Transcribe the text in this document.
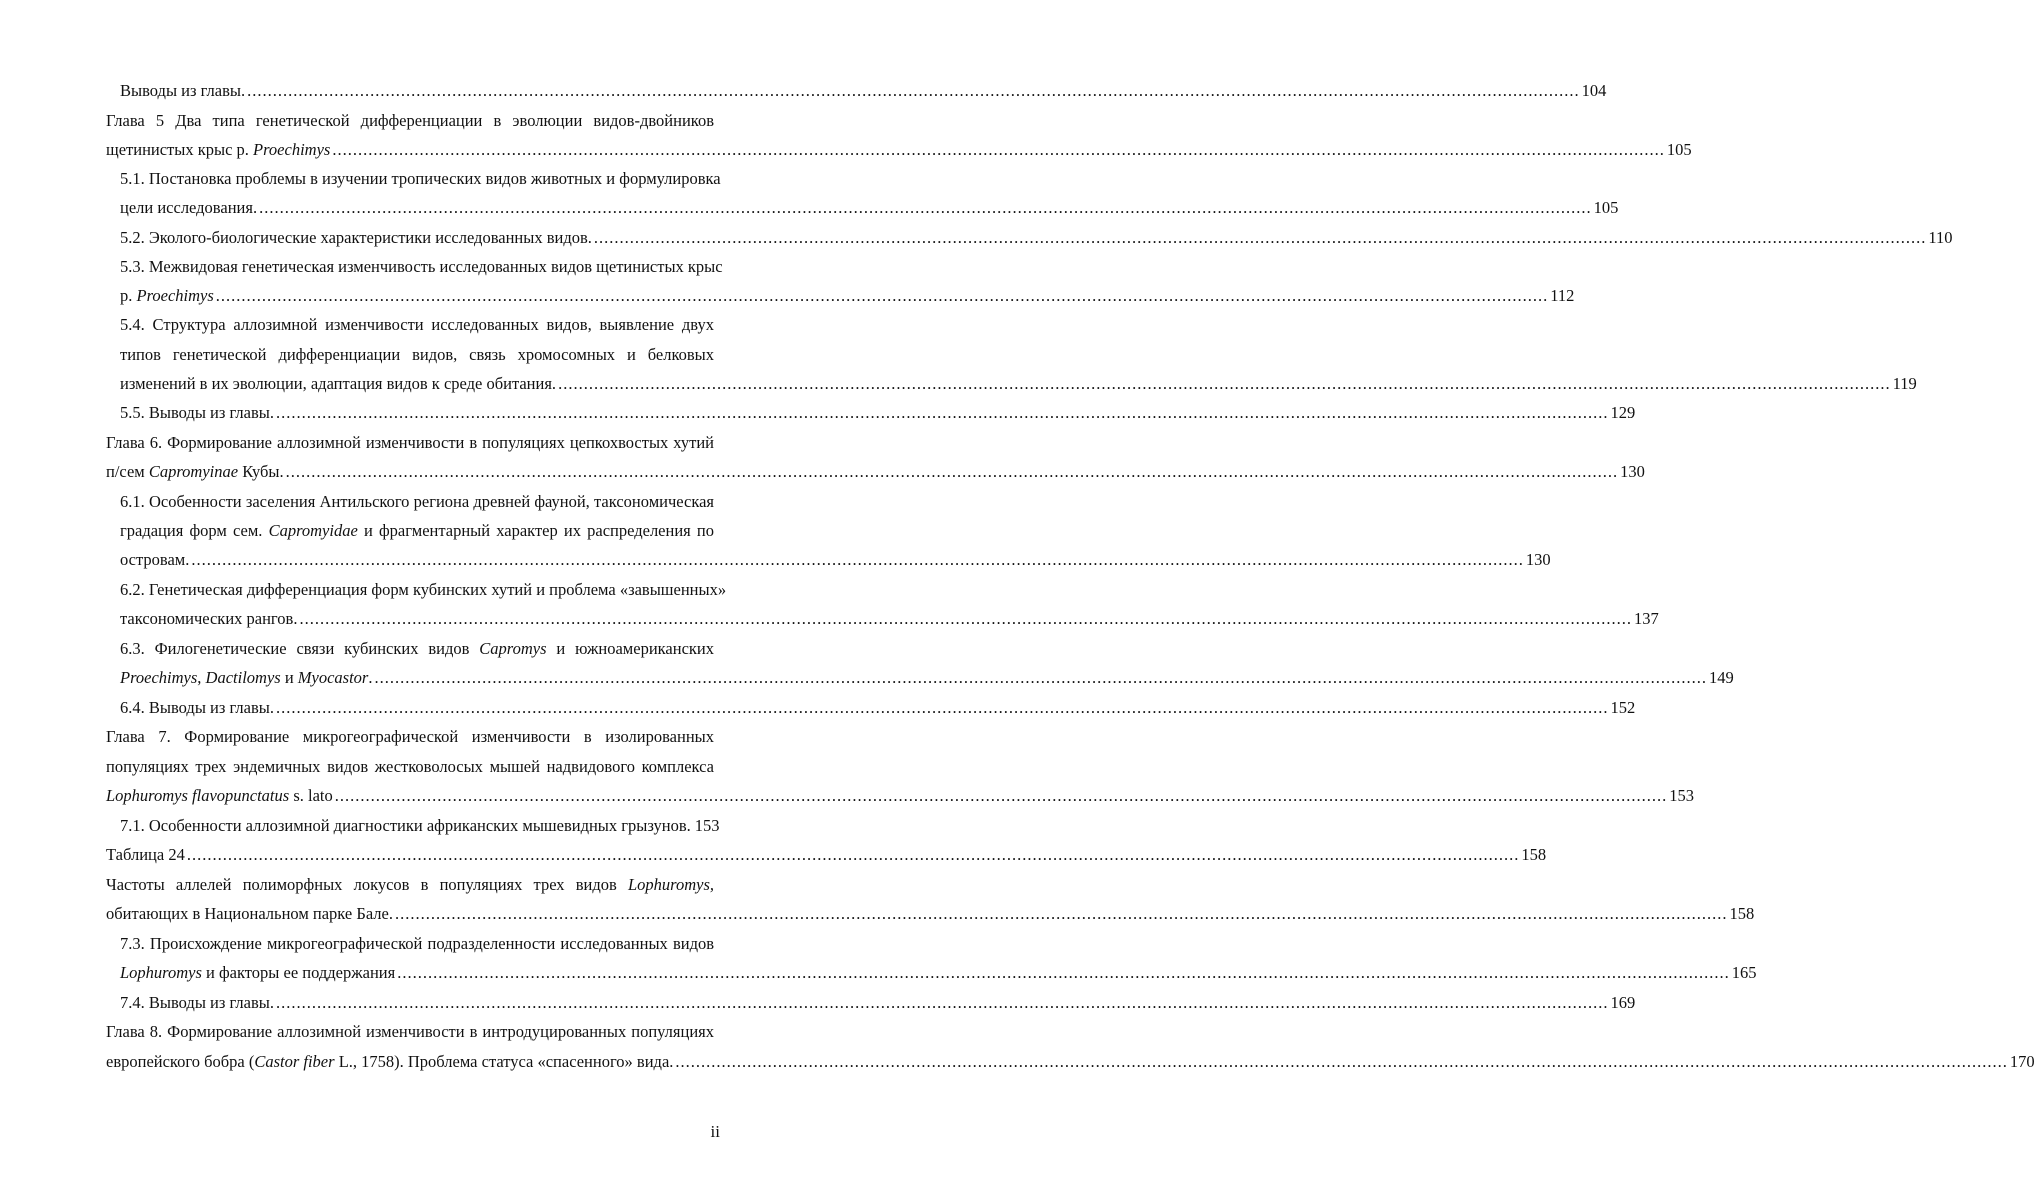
Выводы из главы. .................................................................................................................................................................................................................................................................... 104
Глава 5 Два типа генетической дифференциации в эволюции видов-двойников
щетинистых крыс р. Proechimys .................................................................................................................................................................................................................................................................... 105
5.1. Постановка проблемы в изучении тропических видов животных и формулировка
цели исследования. .................................................................................................................................................................................................................................................................... 105
5.2. Эколого-биологические характеристики исследованных видов. .................................................................................................................................................................................................................................................................... 110
5.3. Межвидовая генетическая изменчивость исследованных видов щетинистых крыс
р. Proechimys .................................................................................................................................................................................................................................................................... 112
5.4. Структура аллозимной изменчивости исследованных видов, выявление двух
типов генетической дифференциации видов, связь хромосомных и белковых
изменений в их эволюции, адаптация видов к среде обитания. .................................................................................................................................................................................................................................................................... 119
5.5. Выводы из главы. .................................................................................................................................................................................................................................................................... 129
Глава 6. Формирование аллозимной изменчивости в популяциях цепкохвостых хутий
п/сем Capromyinae Кубы. .................................................................................................................................................................................................................................................................... 130
6.1. Особенности заселения Антильского региона древней фауной, таксономическая
градация форм сем. Capromyidae и фрагментарный характер их распределения по
островам. .................................................................................................................................................................................................................................................................... 130
6.2. Генетическая дифференциация форм кубинских хутий и проблема «завышенных»
таксономических рангов. .................................................................................................................................................................................................................................................................... 137
6.3. Филогенетические связи кубинских видов Capromys и южноамериканских
Proechimys, Dactilomys и Myocastor. .................................................................................................................................................................................................................................................................... 149
6.4. Выводы из главы. .................................................................................................................................................................................................................................................................... 152
Глава 7. Формирование микрогеографической изменчивости в изолированных
популяциях трех эндемичных видов жестковолосых мышей надвидового комплекса
Lophuromys flavopunctatus s. lato .................................................................................................................................................................................................................................................................... 153
7.1. Особенности аллозимной диагностики африканских мышевидных грызунов. 153
Таблица 24 .................................................................................................................................................................................................................................................................... 158
Частоты аллелей полиморфных локусов в популяциях трех видов Lophuromys,
обитающих в Национальном парке Бале. .................................................................................................................................................................................................................................................................... 158
7.3. Происхождение микрогеографической подразделенности исследованных видов
Lophuromys и факторы ее поддержания .................................................................................................................................................................................................................................................................... 165
7.4. Выводы из главы. .................................................................................................................................................................................................................................................................... 169
Глава 8. Формирование аллозимной изменчивости в интродуцированных популяциях
европейского бобра (Castor fiber L., 1758). Проблема статуса «спасенного» вида. .................................................................................................................................................................................................................................................................... 170
ii
